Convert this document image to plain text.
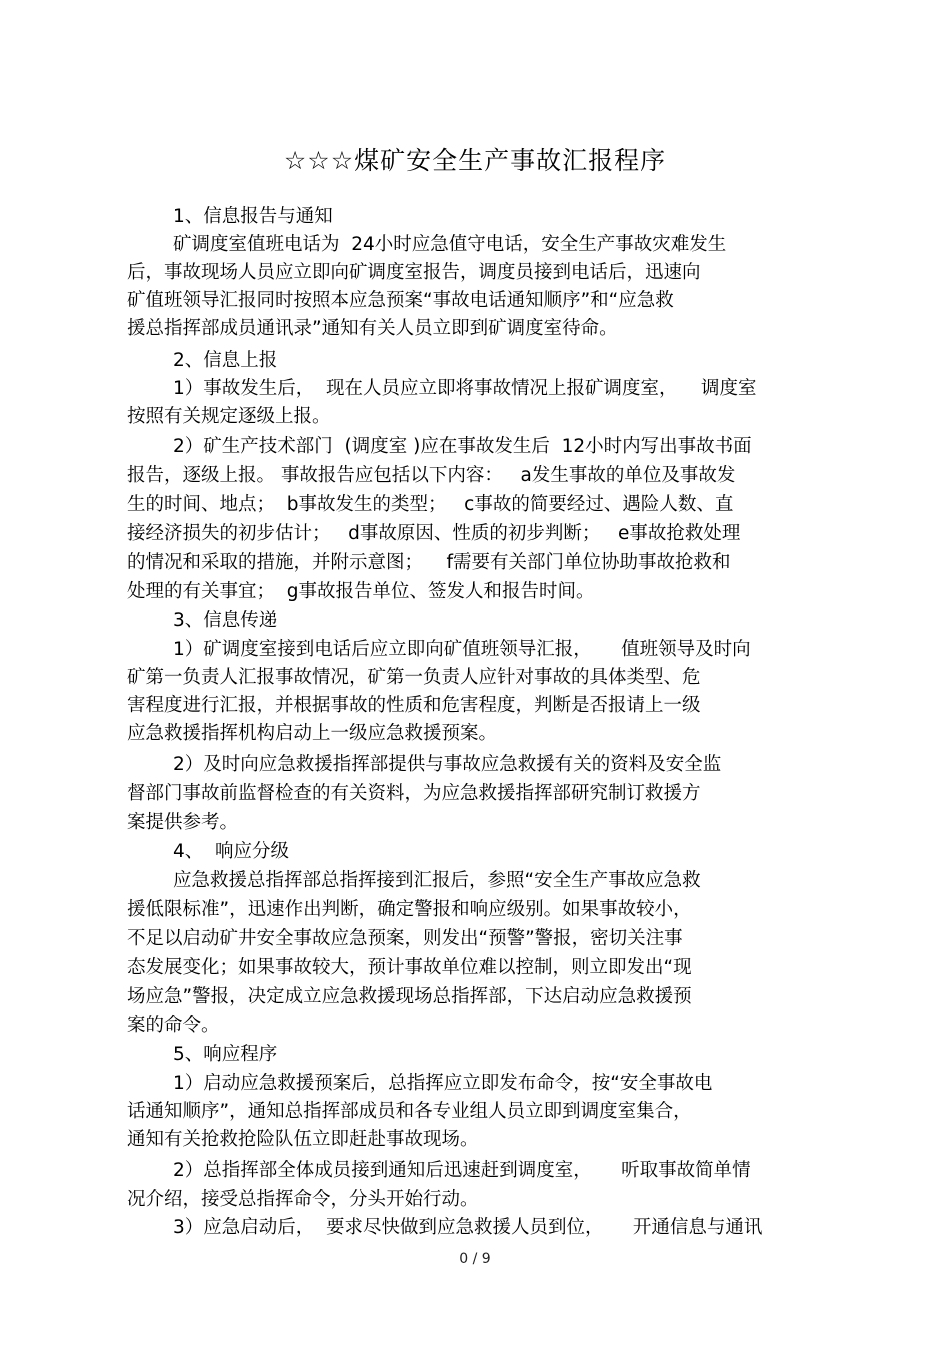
☆☆☆煤矿安全生产事故汇报程序
1、信息报告与通知
矿调度室值班电话为  24小时应急值守电话，安全生产事故灾难发生
后，事故现场人员应立即向矿调度室报告，调度员接到电话后，迅速向
矿值班领导汇报同时按照本应急预案“事故电话通知顺序”和“应急救
援总指挥部成员通讯录”通知有关人员立即到矿调度室待命。
2、信息上报
1）事故发生后，  现在人员应立即将事故情况上报矿调度室，    调度室
按照有关规定逐级上报。
2）矿生产技术部门  (调度室 )应在事故发生后  12小时内写出事故书面
报告，逐级上报。 事故报告应包括以下内容：   a发生事故的单位及事故发
生的时间、地点；  b事故发生的类型；   c事故的简要经过、遇险人数、直
接经济损失的初步估计；   d事故原因、性质的初步判断；   e事故抢救处理
的情况和采取的措施，并附示意图；    f需要有关部门单位协助事故抢救和
处理的有关事宜；  g事故报告单位、签发人和报告时间。
3、信息传递
1）矿调度室接到电话后应立即向矿值班领导汇报，     值班领导及时向
矿第一负责人汇报事故情况，矿第一负责人应针对事故的具体类型、危
害程度进行汇报，并根据事故的性质和危害程度，判断是否报请上一级
应急救援指挥机构启动上一级应急救援预案。
2）及时向应急救援指挥部提供与事故应急救援有关的资料及安全监
督部门事故前监督检查的有关资料，为应急救援指挥部研究制订救援方
案提供参考。
4、  响应分级
应急救援总指挥部总指挥接到汇报后，参照“安全生产事故应急救
援低限标准”，迅速作出判断，确定警报和响应级别。如果事故较小，
不足以启动矿井安全事故应急预案，则发出“预警”警报，密切关注事
态发展变化；如果事故较大，预计事故单位难以控制，则立即发出“现
场应急”警报，决定成立应急救援现场总指挥部，下达启动应急救援预
案的命令。
5、响应程序
1）启动应急救援预案后，总指挥应立即发布命令，按“安全事故电
话通知顺序”，通知总指挥部成员和各专业组人员立即到调度室集合，
通知有关抢救抢险队伍立即赶赴事故现场。
2）总指挥部全体成员接到通知后迅速赶到调度室，     听取事故简单情
况介绍，接受总指挥命令，分头开始行动。
3）应急启动后，  要求尽快做到应急救援人员到位，     开通信息与通讯
0 / 9
